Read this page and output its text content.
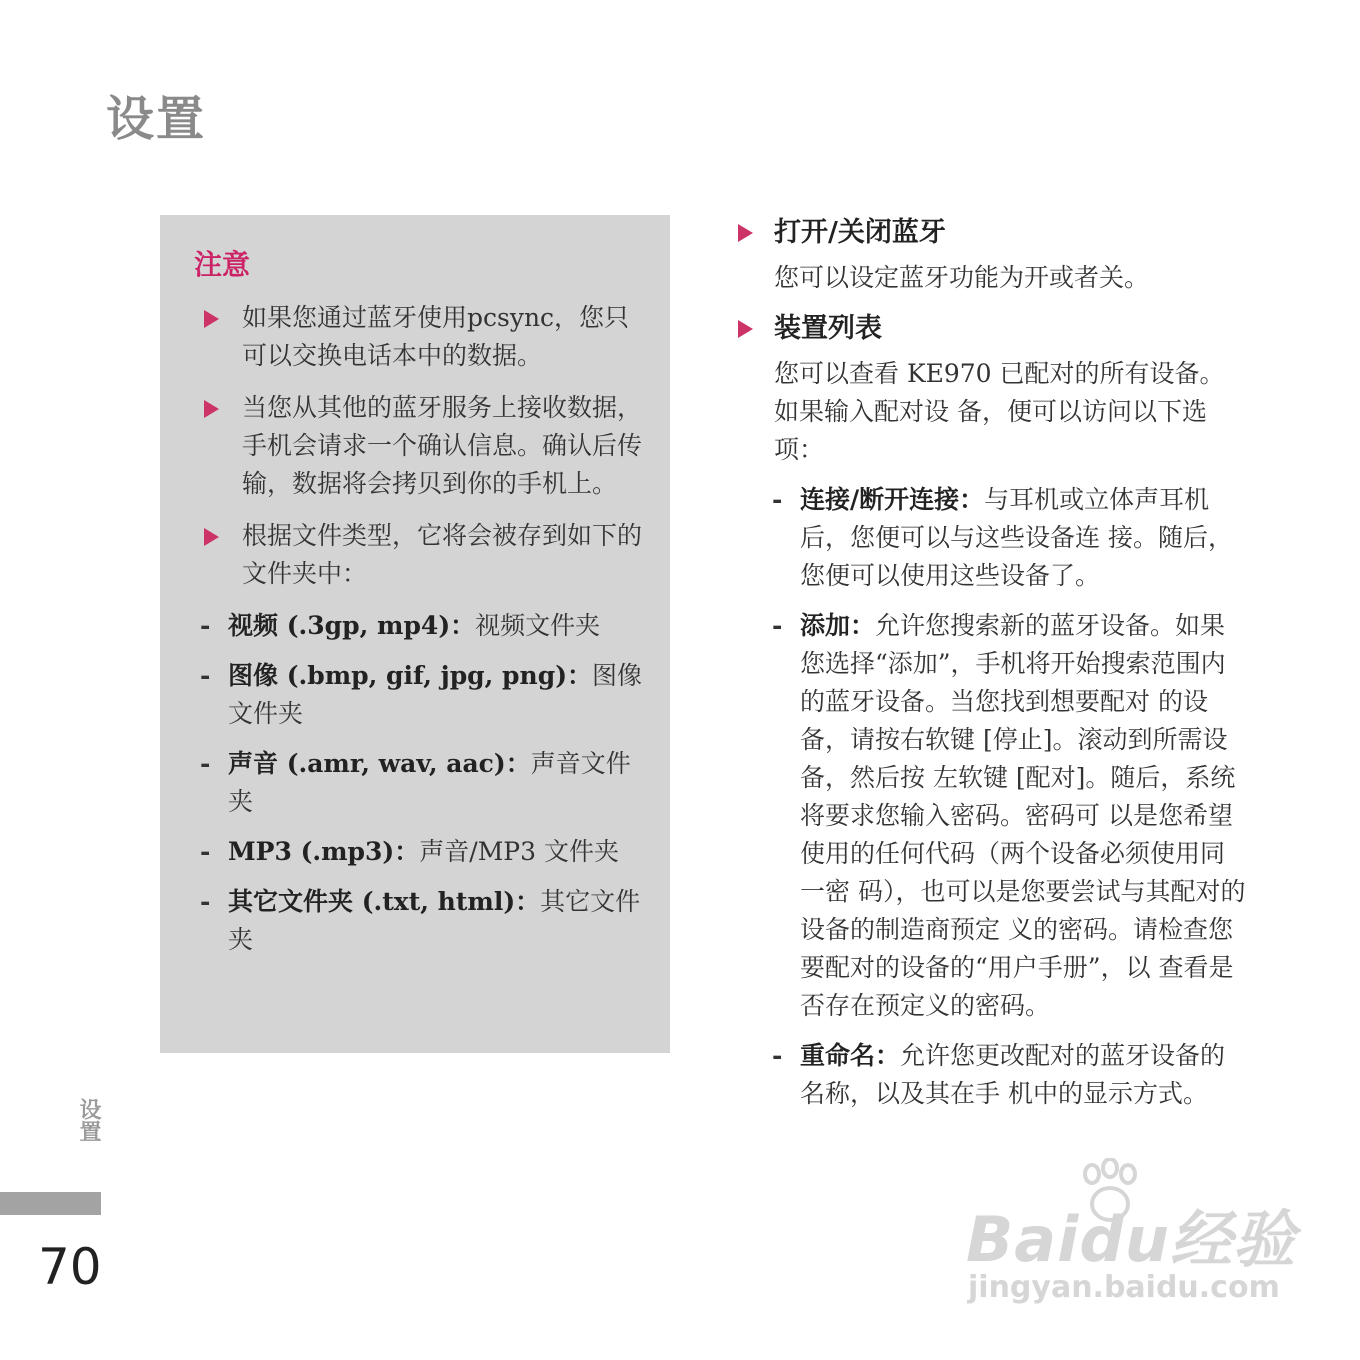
设置
注意
如果您通过蓝牙使用pcsync，您只可以交换电话本中的数据。
当您从其他的蓝牙服务上接收数据，手机会请求一个确认信息。确认后传输，数据将会拷贝到你的手机上。
根据文件类型，它将会被存到如下的文件夹中：
- 视频 (.3gp, mp4)：视频文件夹
- 图像 (.bmp, gif, jpg, png)：图像文件夹
- 声音 (.amr, wav, aac)：声音文件夹
- MP3 (.mp3)：声音/MP3 文件夹
- 其它文件夹 (.txt, html)：其它文件夹
打开/关闭蓝牙
您可以设定蓝牙功能为开或者关。
装置列表
您可以查看 KE970 已配对的所有设备。如果输入配对设 备，便可以访问以下选项：
- 连接/断开连接：与耳机或立体声耳机后，您便可以与这些设备连 接。随后，您便可以使用这些设备了。
- 添加：允许您搜索新的蓝牙设备。如果您选择“添加”，手机将开始搜索范围内的蓝牙设备。当您找到想要配对 的设备，请按右软键 [停止]。滚动到所需设备，然后按 左软键 [配对]。随后，系统将要求您输入密码。密码可 以是您希望使用的任何代码（两个设备必须使用同一密 码），也可以是您要尝试与其配对的设备的制造商预定 义的密码。请检查您要配对的设备的“用户手册”，以 查看是否存在预定义的密码。
- 重命名：允许您更改配对的蓝牙设备的名称，以及其在手 机中的显示方式。
设置
70	Baidu经验
jingyan.baidu.com
